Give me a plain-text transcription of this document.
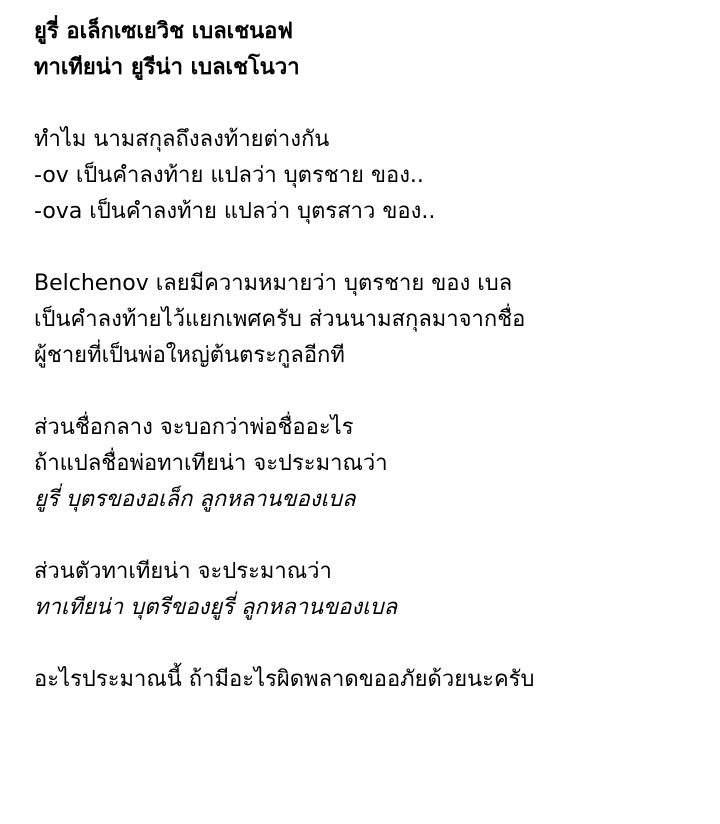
ยูรี่ อเล็กเซเยวิช เบลเชนอฟ
ทาเทียน่า ยูรีน่า เบลเชโนวา
ทำไม นามสกุลถึงลงท้ายต่างกัน
-ov เป็นคำลงท้าย แปลว่า บุตรชาย ของ..
-ova เป็นคำลงท้าย แปลว่า บุตรสาว ของ..
Belchenov เลยมีความหมายว่า บุตรชาย ของ เบล
เป็นคำลงท้ายไว้แยกเพศครับ ส่วนนามสกุลมาจากชื่อ
ผู้ชายที่เป็นพ่อใหญ่ต้นตระกูลอีกที
ส่วนชื่อกลาง จะบอกว่าพ่อชื่ออะไร
ถ้าแปลชื่อพ่อทาเทียน่า จะประมาณว่า
ยูรี่ บุตรของอเล็ก ลูกหลานของเบล
ส่วนตัวทาเทียน่า จะประมาณว่า
ทาเทียน่า บุตรีของยูรี่ ลูกหลานของเบล
อะไรประมาณนี้ ถ้ามีอะไรผิดพลาดขออภัยด้วยนะครับ
